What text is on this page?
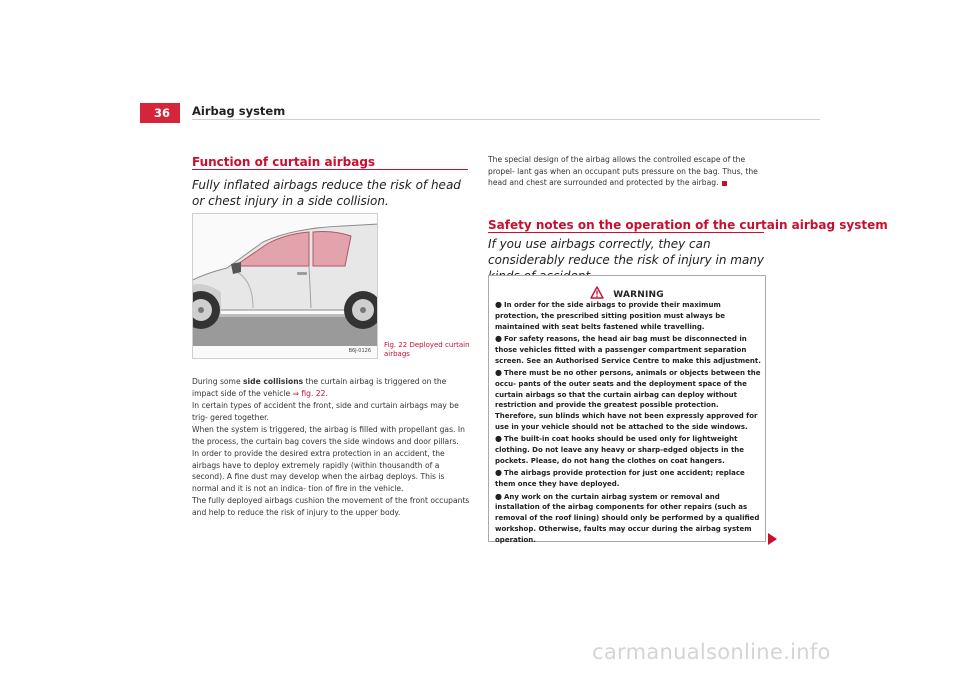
36	Airbag system
Function of curtain airbags
Fully inflated airbags reduce the risk of head or chest injury in a side collision.
B6J-0126
Fig. 22 Deployed curtain airbags

During some side collisions the curtain airbag is triggered on the impact side of the vehicle ⇒ fig. 22.

In certain types of accident the front, side and curtain airbags may be trig- gered together.

When the system is triggered, the airbag is filled with propellant gas. In the process, the curtain bag covers the side windows and door pillars.

In order to provide the desired extra protection in an accident, the airbags have to deploy extremely rapidly (within thousandth of a second). A fine dust may develop when the airbag deploys. This is normal and it is not an indica- tion of fire in the vehicle.

The fully deployed airbags cushion the movement of the front occupants and help to reduce the risk of injury to the upper body.

The special design of the airbag allows the controlled escape of the propel- lant gas when an occupant puts pressure on the bag. Thus, the head and chest are surrounded and protected by the airbag.

Safety notes on the operation of the curtain airbag system
If you use airbags correctly, they can considerably reduce the risk of injury in many
WARNING
● In order for the side airbags to provide their maximum protection, the prescribed sitting position must always be maintained with seat belts fastened while travelling.
● For safety reasons, the head air bag must be disconnected in those vehicles fitted with a passenger compartment separation screen. See an Authorised Service Centre to make this adjustment.
● There must be no other persons, animals or objects between the occu- pants of the outer seats and the deployment space of the curtain airbags so that the curtain airbag can deploy without restriction and provide the greatest possible protection. Therefore, sun blinds which have not been expressly approved for use in your vehicle should not be attached to the side windows.
● The built-in coat hooks should be used only for lightweight clothing. Do not leave any heavy or sharp-edged objects in the pockets. Please, do not hang the clothes on coat hangers.
● The airbags provide protection for just one accident; replace them once they have deployed.
● Any work on the curtain airbag system or removal and installation of the airbag components for other repairs (such as removal of the roof lining) should only be performed by a qualified workshop. Otherwise, faults may occur during the airbag system operation.
carmanualsonline.info
